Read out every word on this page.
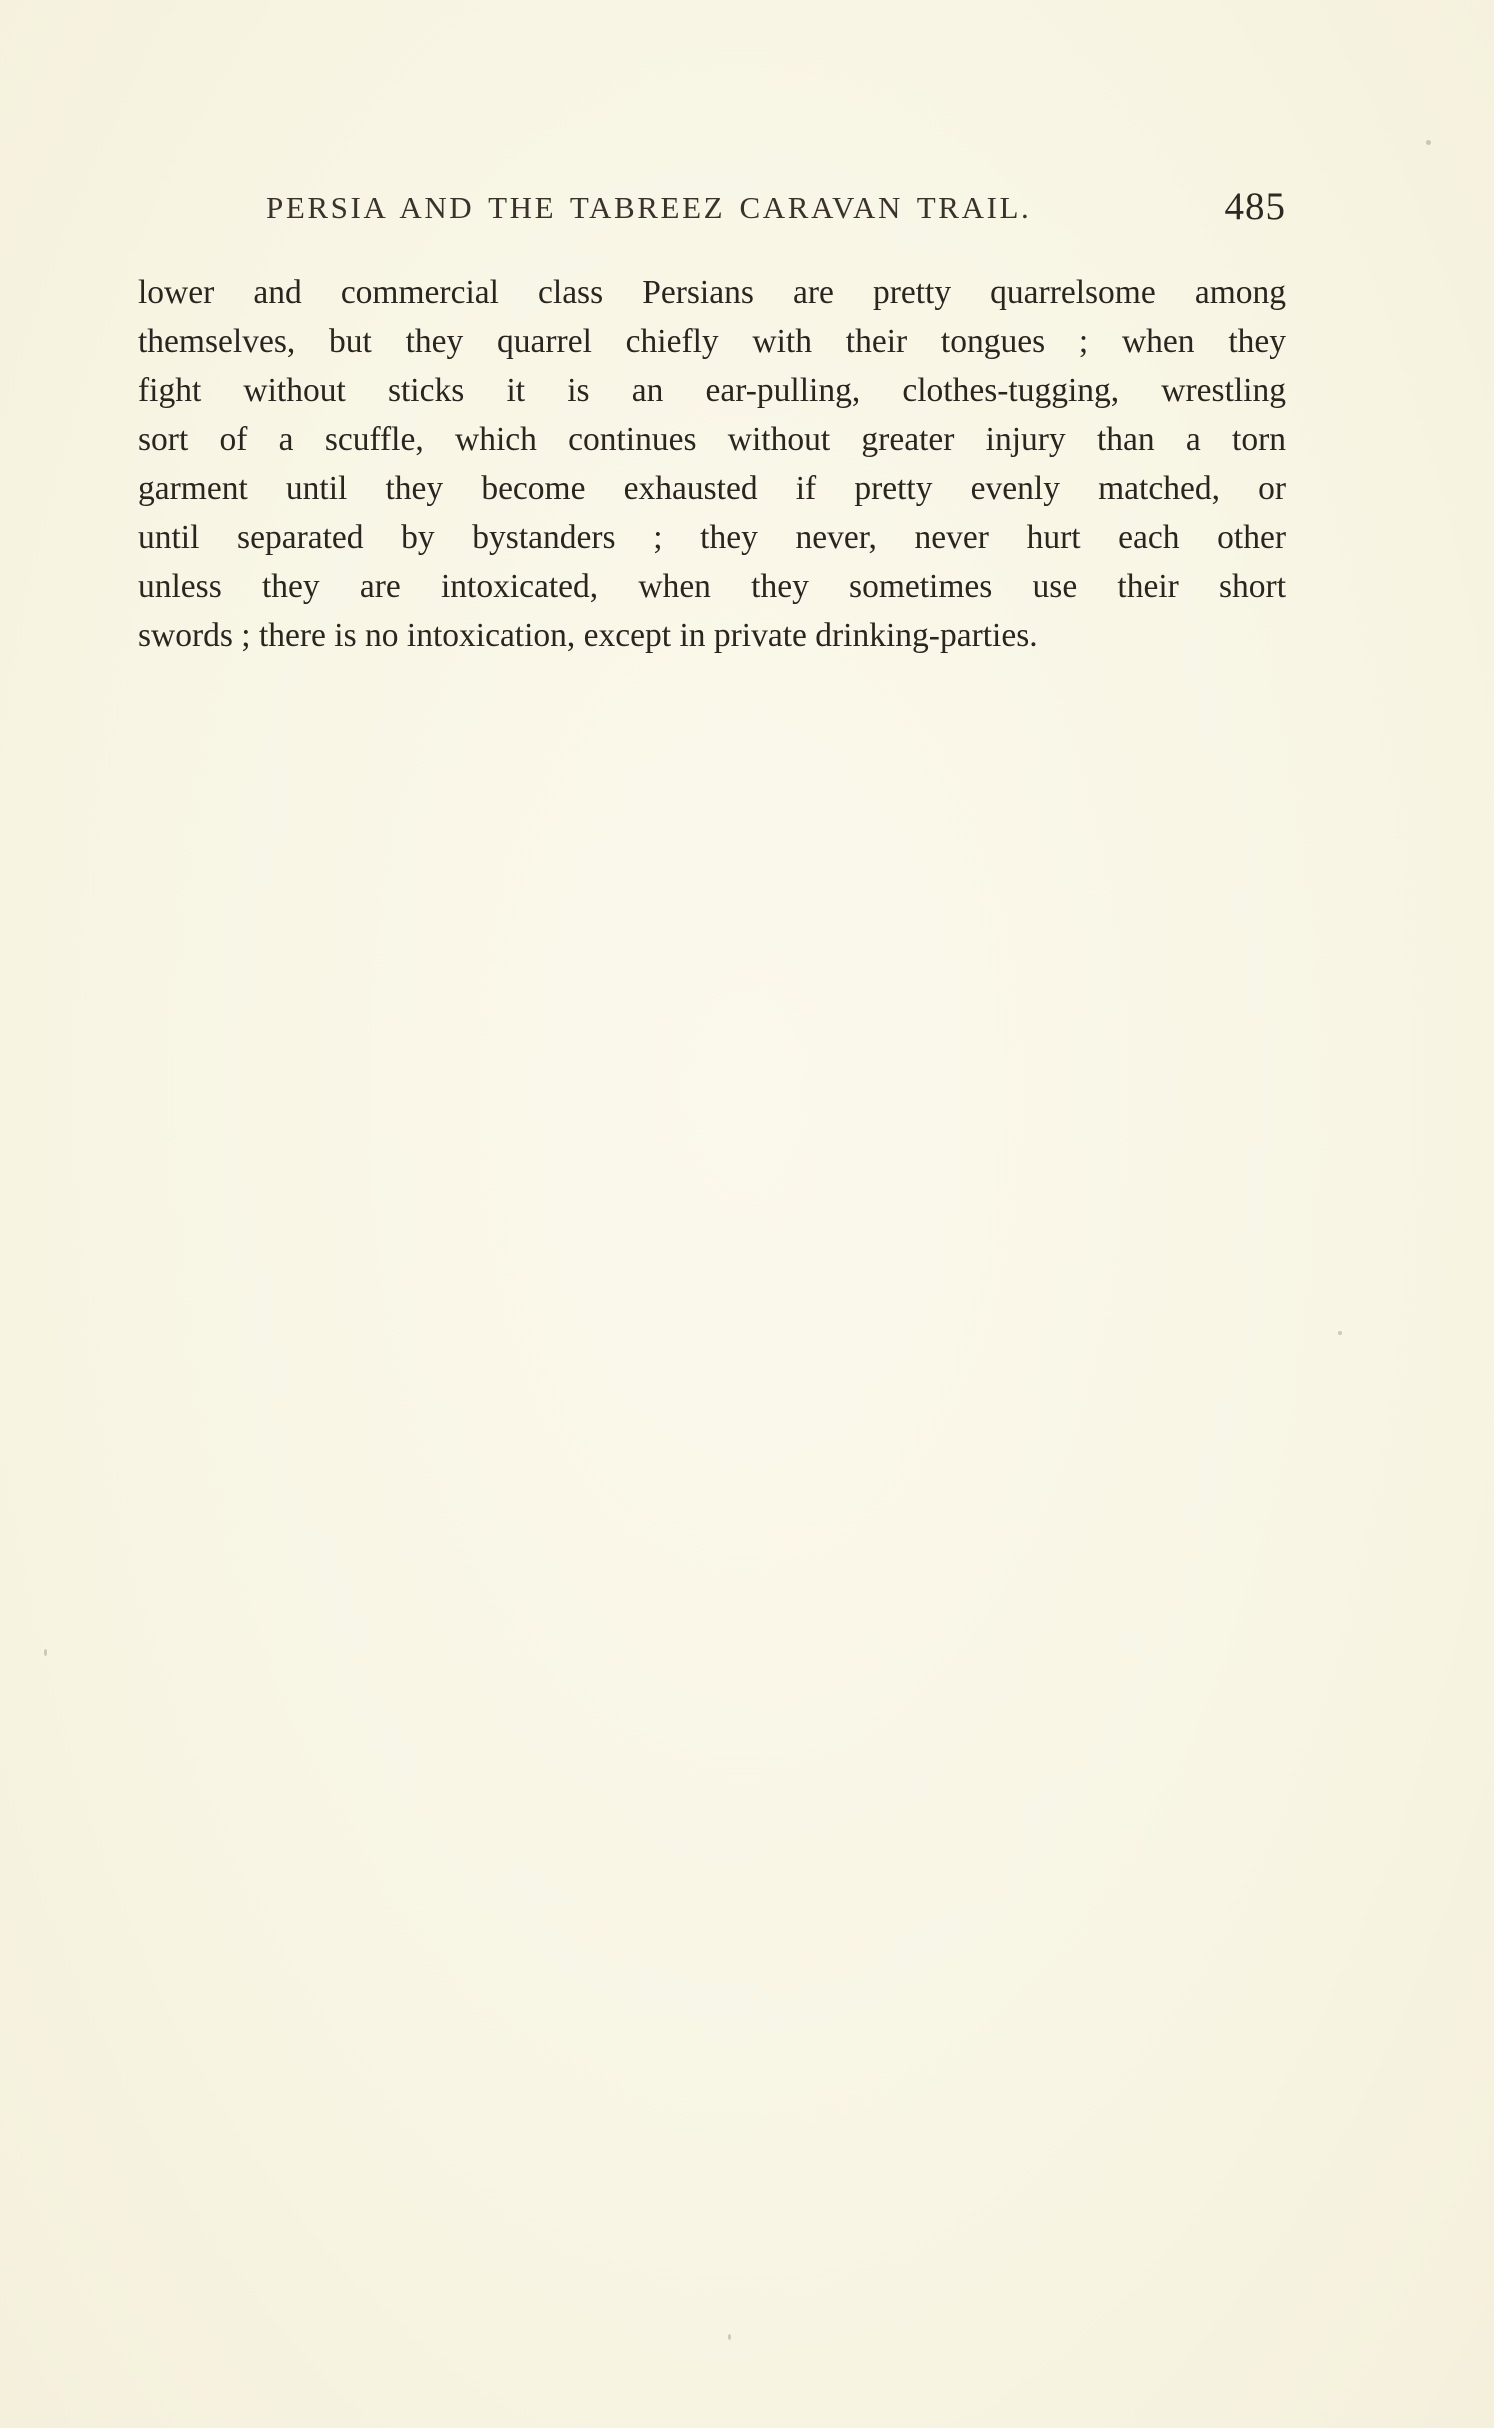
PERSIA AND THE TABREEZ CARAVAN TRAIL.	485
lower and commercial class Persians are pretty quarrelsome among
themselves, but they quarrel chiefly with their tongues ; when they
fight without sticks it is an ear-pulling, clothes-tugging, wrestling
sort of a scuffle, which continues without greater injury than a torn
garment until they become exhausted if pretty evenly matched, or
until separated by bystanders ; they never, never hurt each other
unless they are intoxicated, when they sometimes use their short
swords ; there is no intoxication, except in private drinking-parties.
